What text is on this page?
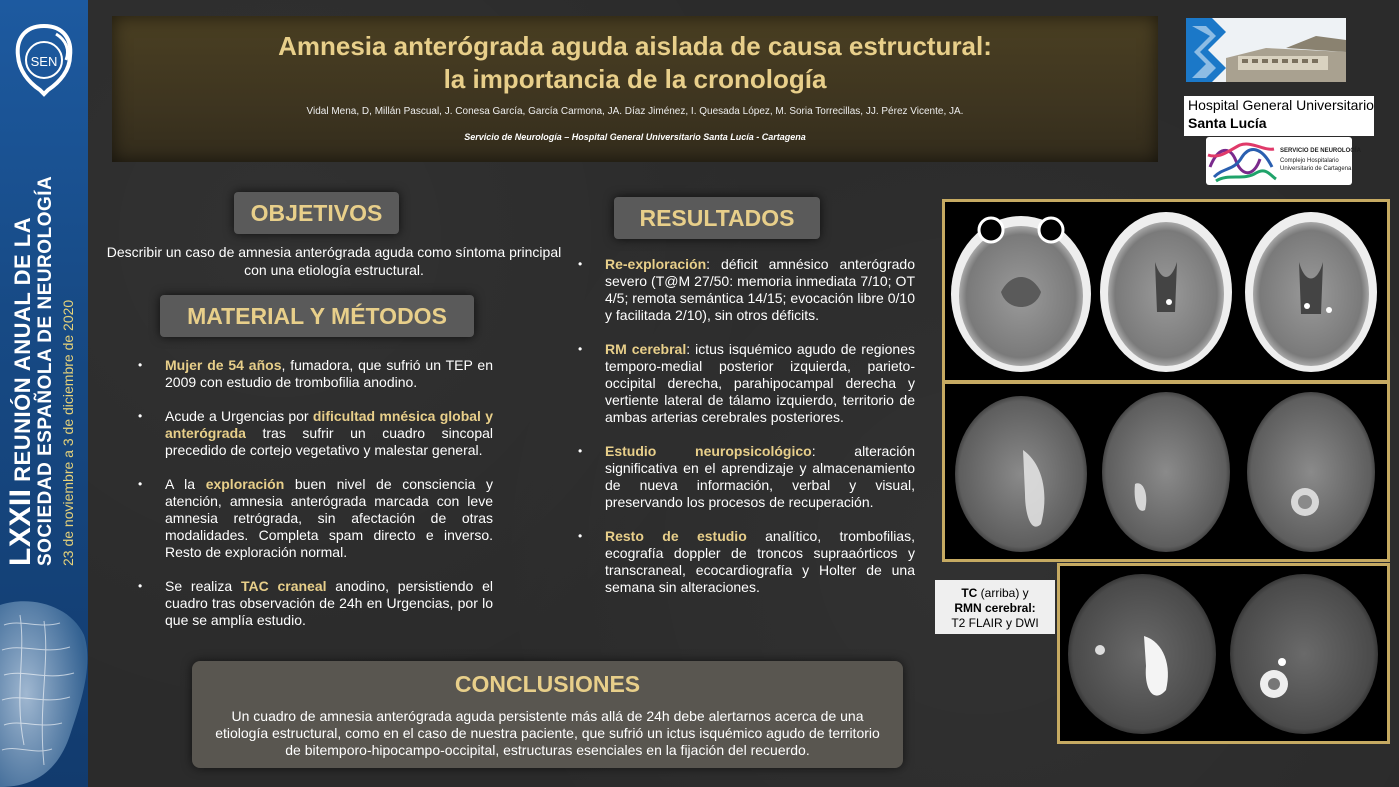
SEN
LXXII REUNIÓN ANUAL DE LA SOCIEDAD ESPAÑOLA DE NEUROLOGÍA 23 de noviembre a 3 de diciembre de 2020
Amnesia anterógrada aguda aislada de causa estructural:
la importancia de la cronología
Vidal Mena, D, Millán Pascual, J. Conesa García, García Carmona, JA. Díaz Jiménez, I. Quesada López, M. Soria Torrecillas, JJ. Pérez Vicente, JA.
Servicio de Neurología – Hospital General Universitario Santa Lucía - Cartagena
Hospital General Universitario
Santa Lucía
SERVICIO DE NEUROLOGÍA
Complejo Hospitalario
Universitario de Cartagena
OBJETIVOS
Describir un caso de amnesia anterógrada aguda como síntoma principal con una etiología estructural.
MATERIAL Y MÉTODOS
• Mujer de 54 años, fumadora, que sufrió un TEP en 2009 con estudio de trombofilia anodino.
• Acude a Urgencias por dificultad mnésica global y anterógrada tras sufrir un cuadro sincopal precedido de cortejo vegetativo y malestar general.
• A la exploración buen nivel de consciencia y atención, amnesia anterógrada marcada con leve amnesia retrógrada, sin afectación de otras modalidades. Completa spam directo e inverso. Resto de exploración normal.
• Se realiza TAC craneal anodino, persistiendo el cuadro tras observación de 24h en Urgencias, por lo que se amplía estudio.
RESULTADOS
• Re-exploración: déficit amnésico anterógrado severo (T@M 27/50: memoria inmediata 7/10; OT 4/5; remota semántica 14/15; evocación libre 0/10 y facilitada 2/10), sin otros déficits.
• RM cerebral: ictus isquémico agudo de regiones temporo-medial posterior izquierda, parieto-occipital derecha, parahipocampal derecha y vertiente lateral de tálamo izquierdo, territorio de ambas arterias cerebrales posteriores.
• Estudio neuropsicológico: alteración significativa en el aprendizaje y almacenamiento de nueva información, verbal y visual, preservando los procesos de recuperación.
• Resto de estudio analítico, trombofilias, ecografía doppler de troncos supraaórticos y transcraneal, ecocardiografía y Holter de una semana sin alteraciones.
CONCLUSIONES
Un cuadro de amnesia anterógrada aguda persistente más allá de 24h debe alertarnos acerca de una etiología estructural, como en el caso de nuestra paciente, que sufrió un ictus isquémico agudo de territorio de bitemporo-hipocampo-occipital, estructuras esenciales en la fijación del recuerdo.
TC (arriba) y
RMN cerebral:
T2 FLAIR y DWI
